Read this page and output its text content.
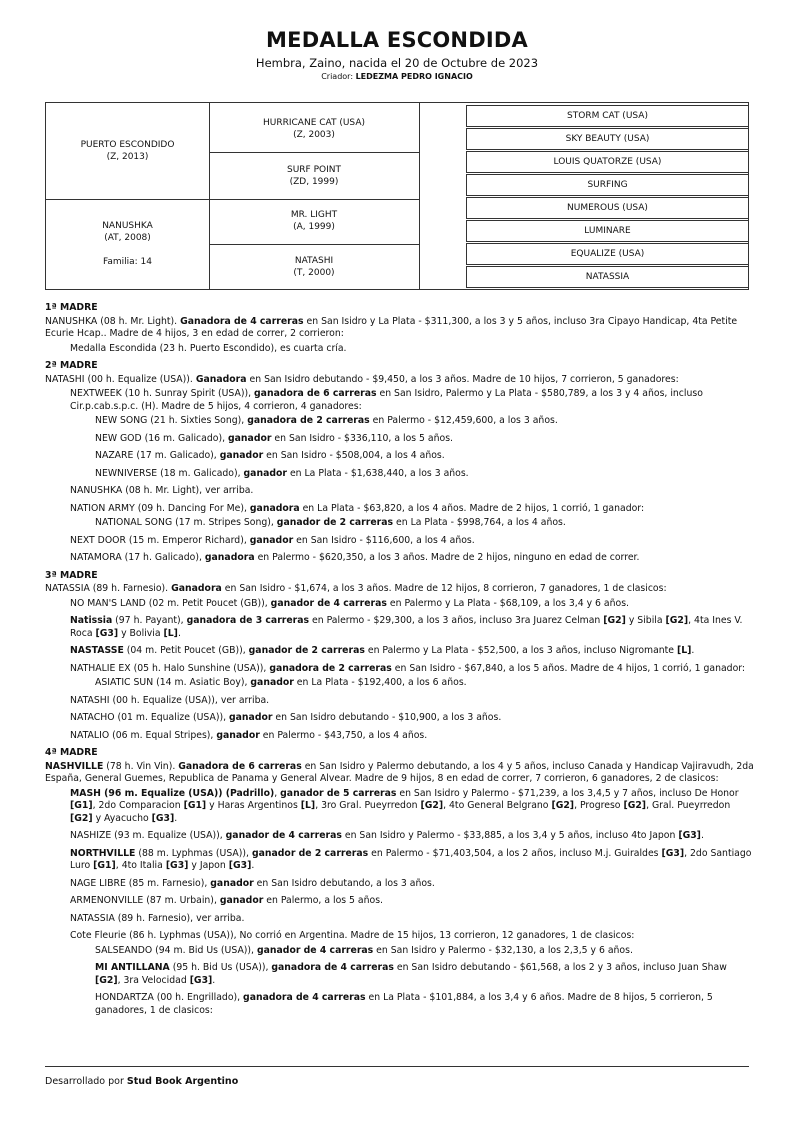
MEDALLA ESCONDIDA
Hembra, Zaino, nacida el 20 de Octubre de 2023
Criador: LEDEZMA PEDRO IGNACIO
PUERTO ESCONDIDO
(Z, 2013)
NANUSHKA
(AT, 2008)
Familia: 14
HURRICANE CAT (USA)
(Z, 2003)
SURF POINT
(ZD, 1999)
MR. LIGHT
(A, 1999)
NATASHI
(T, 2000)
STORM CAT (USA)
SKY BEAUTY (USA)
LOUIS QUATORZE (USA)
SURFING
NUMEROUS (USA)
LUMINARE
EQUALIZE (USA)
NATASSIA
1ª MADRE

NANUSHKA (08 h. Mr. Light). Ganadora de 4 carreras en San Isidro y La Plata - $311,300, a los 3 y 5 años, incluso 3ra Cipayo Handicap, 4ta Petite Ecurie Hcap.. Madre de 4 hijos, 3 en edad de correr, 2 corrieron:

Medalla Escondida (23 h. Puerto Escondido), es cuarta cría.

2ª MADRE

NATASHI (00 h. Equalize (USA)). Ganadora en San Isidro debutando - $9,450, a los 3 años. Madre de 10 hijos, 7 corrieron, 5 ganadores:

NEXTWEEK (10 h. Sunray Spirit (USA)), ganadora de 6 carreras en San Isidro, Palermo y La Plata - $580,789, a los 3 y 4 años, incluso Cir.p.cab.s.p.c. (H). Madre de 5 hijos, 4 corrieron, 4 ganadores:

NEW SONG (21 h. Sixties Song), ganadora de 2 carreras en Palermo - $12,459,600, a los 3 años.

NEW GOD (16 m. Galicado), ganador en San Isidro - $336,110, a los 5 años.

NAZARE (17 m. Galicado), ganador en San Isidro - $508,004, a los 4 años.

NEWNIVERSE (18 m. Galicado), ganador en La Plata - $1,638,440, a los 3 años.

NANUSHKA (08 h. Mr. Light), ver arriba.

NATION ARMY (09 h. Dancing For Me), ganadora en La Plata - $63,820, a los 4 años. Madre de 2 hijos, 1 corrió, 1 ganador:

NATIONAL SONG (17 m. Stripes Song), ganador de 2 carreras en La Plata - $998,764, a los 4 años.

NEXT DOOR (15 m. Emperor Richard), ganador en San Isidro - $116,600, a los 4 años.

NATAMORA (17 h. Galicado), ganadora en Palermo - $620,350, a los 3 años. Madre de 2 hijos, ninguno en edad de correr.

3ª MADRE

NATASSIA (89 h. Farnesio). Ganadora en San Isidro - $1,674, a los 3 años. Madre de 12 hijos, 8 corrieron, 7 ganadores, 1 de clasicos:

NO MAN'S LAND (02 m. Petit Poucet (GB)), ganador de 4 carreras en Palermo y La Plata - $68,109, a los 3,4 y 6 años.

Natissia (97 h. Payant), ganadora de 3 carreras en Palermo - $29,300, a los 3 años, incluso 3ra Juarez Celman [G2] y Sibila [G2], 4ta Ines V. Roca [G3] y Bolivia [L].

NASTASSE (04 m. Petit Poucet (GB)), ganador de 2 carreras en Palermo y La Plata - $52,500, a los 3 años, incluso Nigromante [L].

NATHALIE EX (05 h. Halo Sunshine (USA)), ganadora de 2 carreras en San Isidro - $67,840, a los 5 años. Madre de 4 hijos, 1 corrió, 1 ganador:

ASIATIC SUN (14 m. Asiatic Boy), ganador en La Plata - $192,400, a los 6 años.

NATASHI (00 h. Equalize (USA)), ver arriba.

NATACHO (01 m. Equalize (USA)), ganador en San Isidro debutando - $10,900, a los 3 años.

NATALIO (06 m. Equal Stripes), ganador en Palermo - $43,750, a los 4 años.

4ª MADRE

NASHVILLE (78 h. Vin Vin). Ganadora de 6 carreras en San Isidro y Palermo debutando, a los 4 y 5 años, incluso Canada y Handicap Vajiravudh, 2da España, General Guemes, Republica de Panama y General Alvear. Madre de 9 hijos, 8 en edad de correr, 7 corrieron, 6 ganadores, 2 de clasicos:

MASH (96 m. Equalize (USA)) (Padrillo), ganador de 5 carreras en San Isidro y Palermo - $71,239, a los 3,4,5 y 7 años, incluso De Honor [G1], 2do Comparacion [G1] y Haras Argentinos [L], 3ro Gral. Pueyrredon [G2], 4to General Belgrano [G2], Progreso [G2], Gral. Pueyrredon [G2] y Ayacucho [G3].

NASHIZE (93 m. Equalize (USA)), ganador de 4 carreras en San Isidro y Palermo - $33,885, a los 3,4 y 5 años, incluso 4to Japon [G3].

NORTHVILLE (88 m. Lyphmas (USA)), ganador de 2 carreras en Palermo - $71,403,504, a los 2 años, incluso M.j. Guiraldes [G3], 2do Santiago Luro [G1], 4to Italia [G3] y Japon [G3].

NAGE LIBRE (85 m. Farnesio), ganador en San Isidro debutando, a los 3 años.

ARMENONVILLE (87 m. Urbain), ganador en Palermo, a los 5 años.

NATASSIA (89 h. Farnesio), ver arriba.

Cote Fleurie (86 h. Lyphmas (USA)), No corrió en Argentina. Madre de 15 hijos, 13 corrieron, 12 ganadores, 1 de clasicos:

SALSEANDO (94 m. Bid Us (USA)), ganador de 4 carreras en San Isidro y Palermo - $32,130, a los 2,3,5 y 6 años.

MI ANTILLANA (95 h. Bid Us (USA)), ganadora de 4 carreras en San Isidro debutando - $61,568, a los 2 y 3 años, incluso Juan Shaw [G2], 3ra Velocidad [G3].

HONDARTZA (00 h. Engrillado), ganadora de 4 carreras en La Plata - $101,884, a los 3,4 y 6 años. Madre de 8 hijos, 5 corrieron, 5 ganadores, 1 de clasicos:

Desarrollado por Stud Book Argentino
